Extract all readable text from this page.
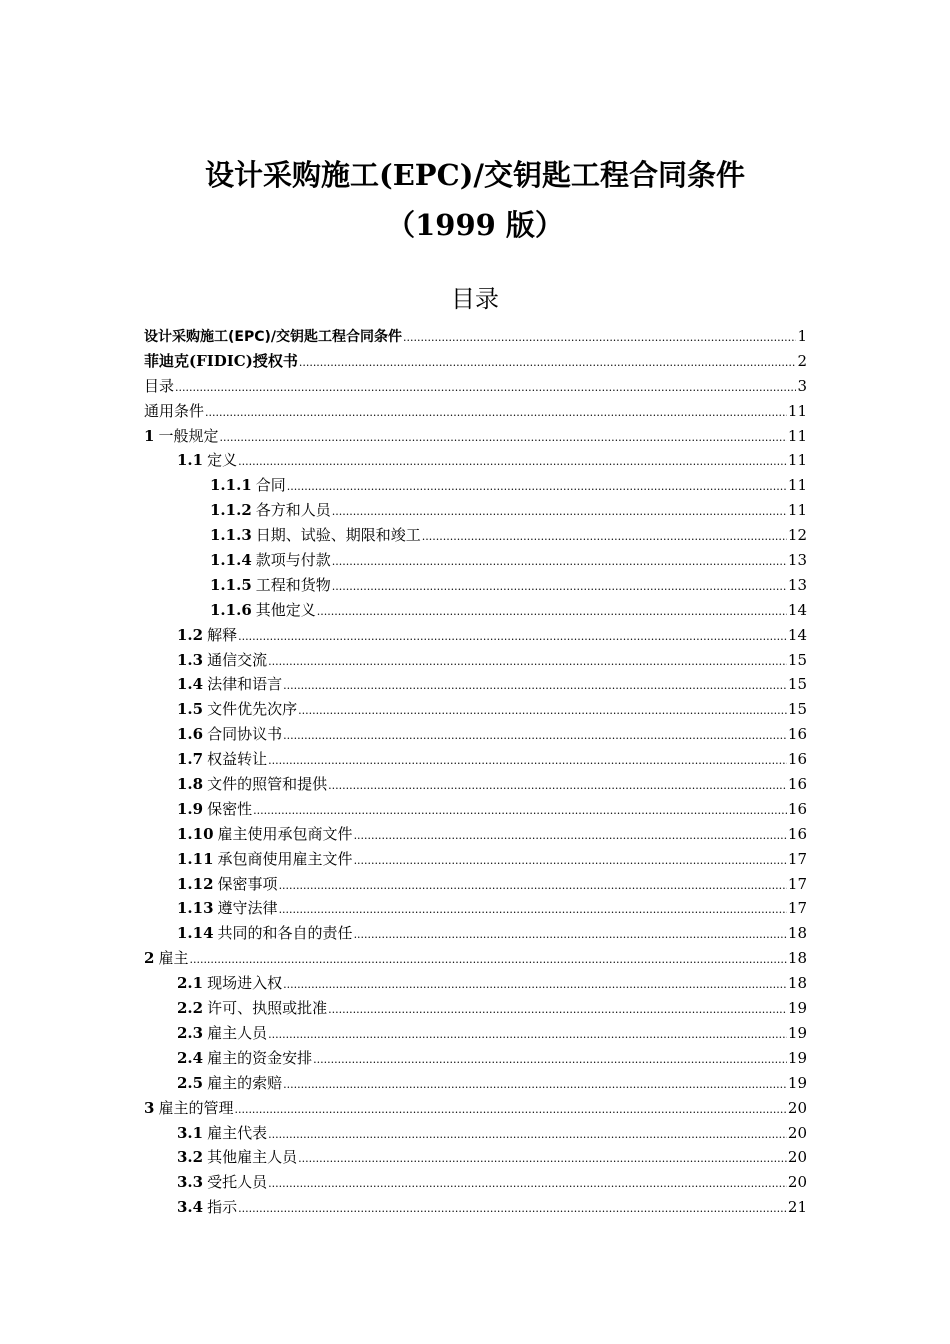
设计采购施工(EPC)/交钥匙工程合同条件
（1999 版）
目录
设计采购施工(EPC)/交钥匙工程合同条件 .....	1
菲迪克(FIDIC)授权书 .....	2
目录 .....	3
通用条件 .....	11
1 一般规定 .....	11
1.1 定义 .....	11
1.1.1 合同 .....	11
1.1.2 各方和人员 .....	11
1.1.3 日期、试验、期限和竣工 .....	12
1.1.4 款项与付款 .....	13
1.1.5 工程和货物 .....	13
1.1.6 其他定义 .....	14
1.2 解释 .....	14
1.3 通信交流 .....	15
1.4 法律和语言 .....	15
1.5 文件优先次序 .....	15
1.6 合同协议书 .....	16
1.7 权益转让 .....	16
1.8 文件的照管和提供 .....	16
1.9 保密性 .....	16
1.10 雇主使用承包商文件 .....	16
1.11 承包商使用雇主文件 .....	17
1.12 保密事项 .....	17
1.13 遵守法律 .....	17
1.14 共同的和各自的责任 .....	18
2 雇主 .....	18
2.1 现场进入权 .....	18
2.2 许可、执照或批准 .....	19
2.3 雇主人员 .....	19
2.4 雇主的资金安排 .....	19
2.5 雇主的索赔 .....	19
3 雇主的管理 .....	20
3.1 雇主代表 .....	20
3.2 其他雇主人员 .....	20
3.3 受托人员 .....	20
3.4 指示 .....	21
